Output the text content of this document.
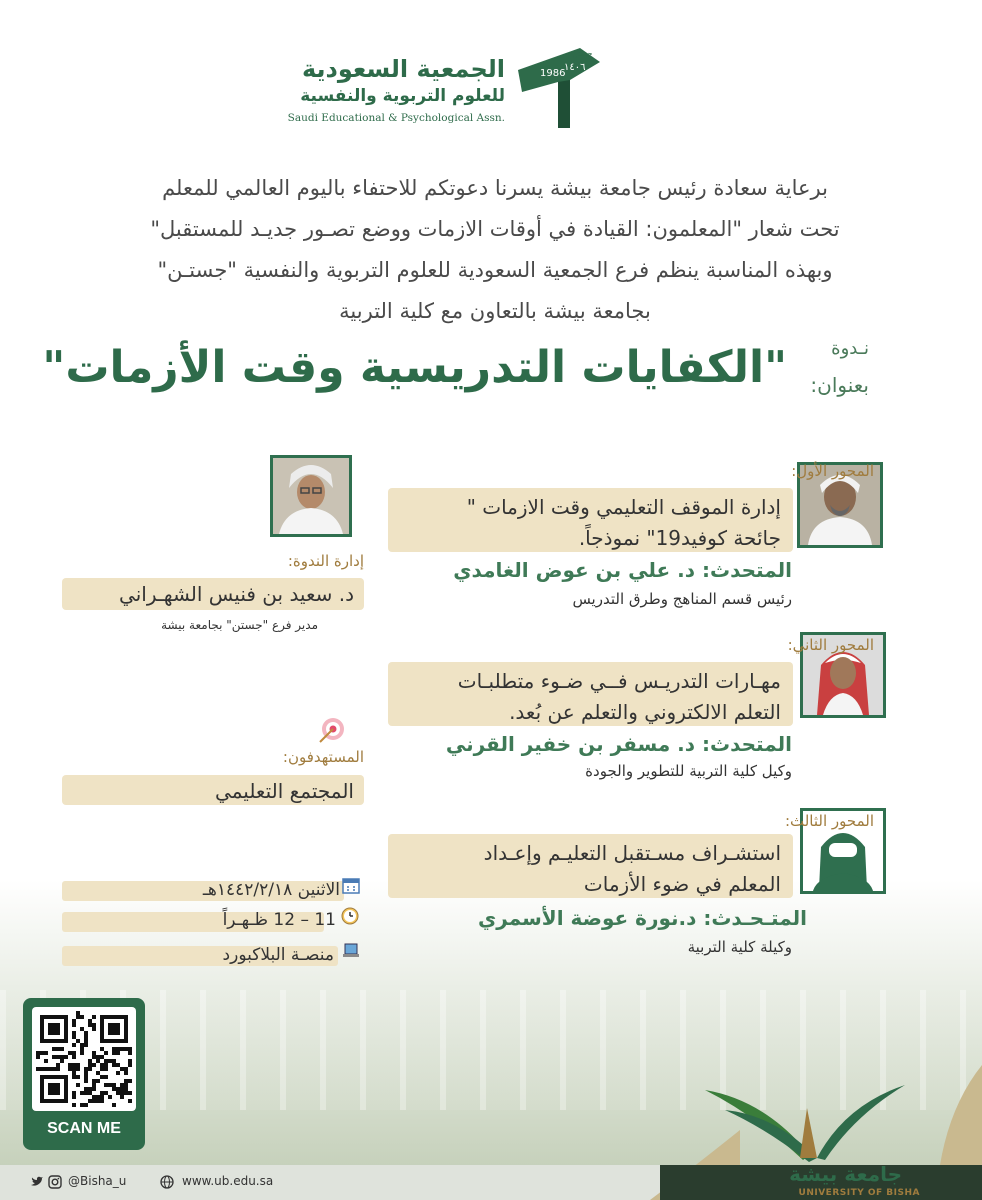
الجمعية السعودية
للعلوم التربوية والنفسية
Saudi Educational & Psychological Assn.
1986
١٤٠٦
جستن
برعاية سعادة رئيس جامعة بيشة يسرنا دعوتكم للاحتفاء باليوم العالمي للمعلم
تحت شعار "المعلمون: القيادة في أوقات الازمات ووضع تصـور جديـد للمستقبل"
وبهذه المناسبة ينظم فرع الجمعية السعودية للعلوم التربوية والنفسية "جستـن"
بجامعة بيشة بالتعاون مع كلية التربية
نـدوة
بعنوان:
"الكفايات التدريسية وقت الأزمات"
المحور الأول:
إدارة الموقف التعليمي وقت الازمات "
جائحة كوفيد19" نموذجاً.
المتحدث: د. علي بن عوض الغامدي
رئيس قسم المناهج وطرق التدريس
المحور الثاني:
مهـارات التدريـس فــي ضـوء متطلبـات
التعلم الالكتروني والتعلم عن بُعد.
المتحدث: د. مسفر بن خفير القرني
وكيل كلية التربية للتطوير والجودة
المحور الثالث:
استشـراف مسـتقبل التعليـم وإعـداد
المعلم في ضوء الأزمات
المتـحـدث: د.نورة عوضة الأسمري
وكيلة كلية التربية
إدارة الندوة:
د. سعيد بن فنيس الشهـراني
مدير فرع "جستن" بجامعة بيشة
المستهدفون:
المجتمع التعليمي
الاثنين ١٤٤٢/٢/١٨هـ
11 – 12 ظـهـراً
منصـة البلاكبورد
SCAN ME
@Bisha_u	www.ub.edu.sa	جامعة بيشة
UNIVERSITY OF BISHA
